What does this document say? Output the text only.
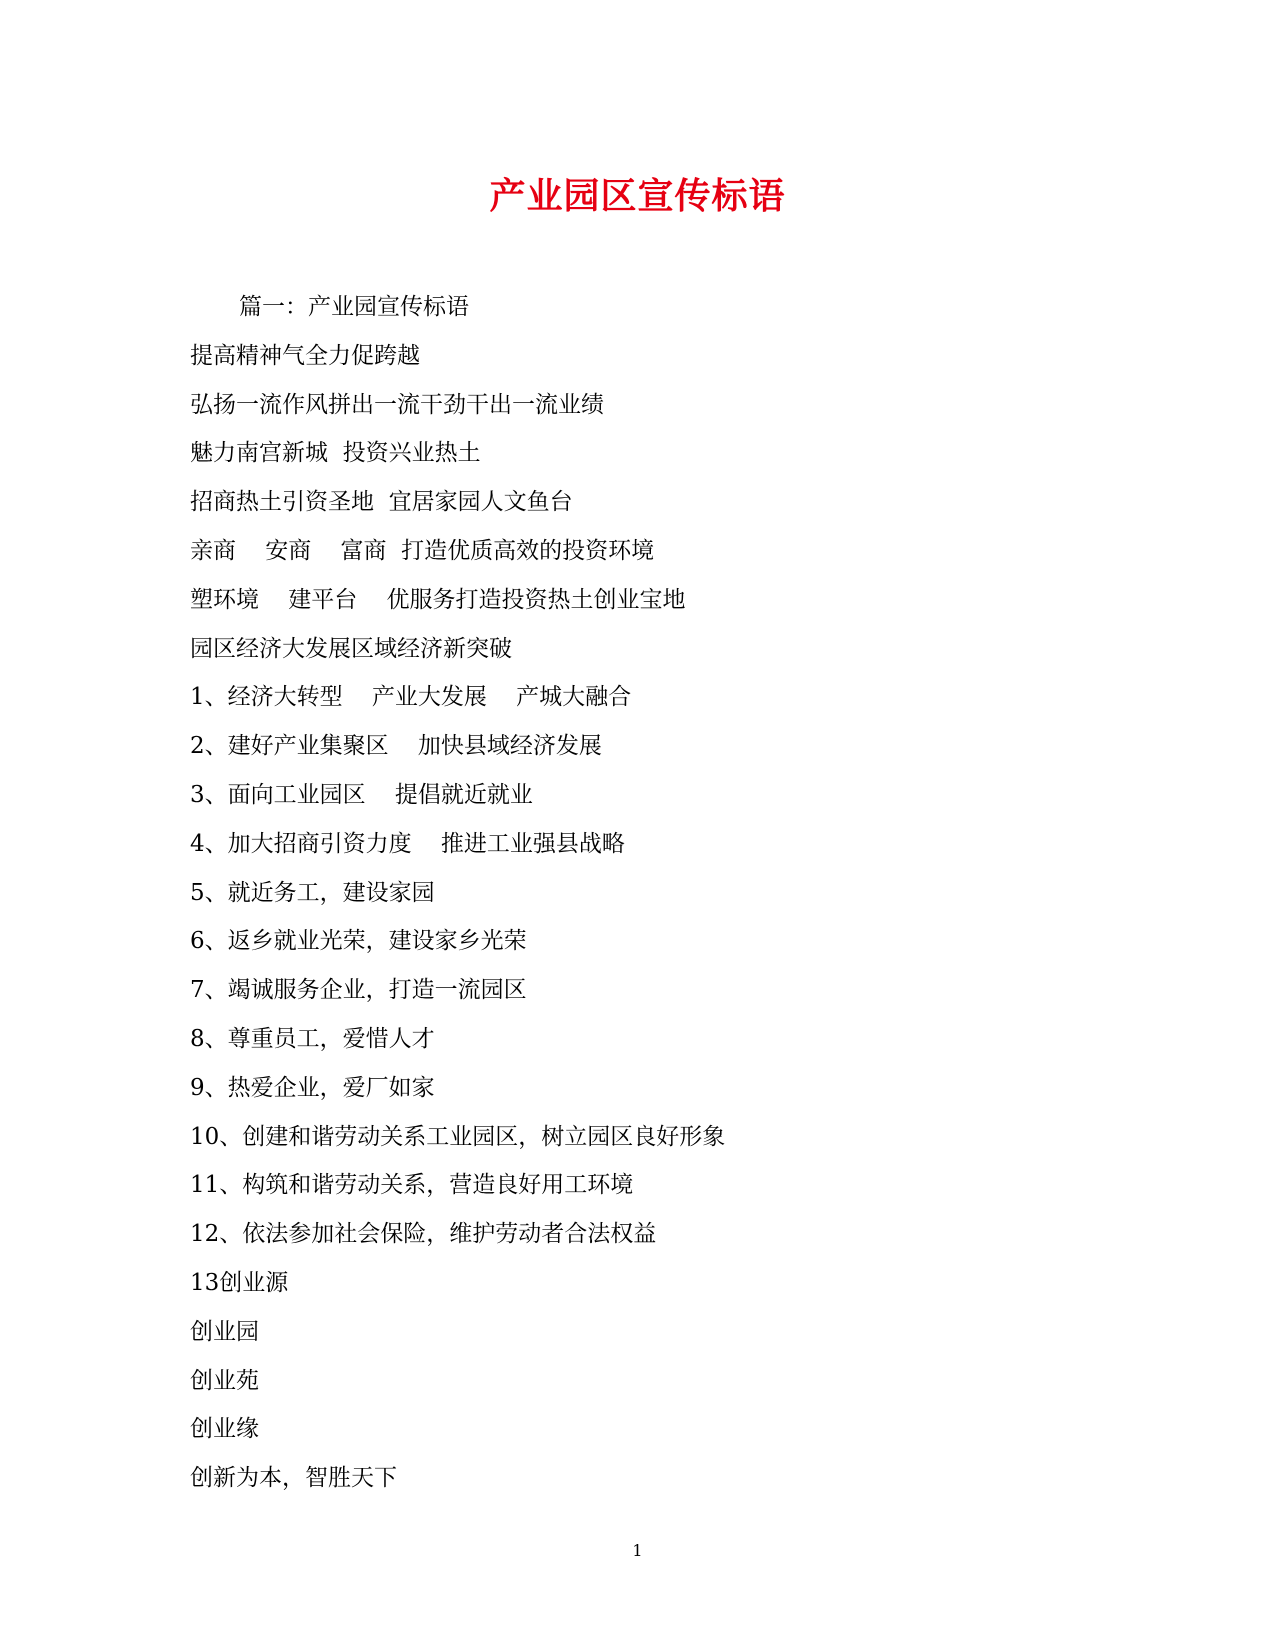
产业园区宣传标语
篇一：产业园宣传标语
提高精神气全力促跨越
弘扬一流作风拼出一流干劲干出一流业绩
魅力南宫新城  投资兴业热土
招商热土引资圣地  宜居家园人文鱼台
亲商    安商    富商  打造优质高效的投资环境
塑环境    建平台    优服务打造投资热土创业宝地
园区经济大发展区域经济新突破
1、经济大转型    产业大发展    产城大融合
2、建好产业集聚区    加快县域经济发展
3、面向工业园区    提倡就近就业
4、加大招商引资力度    推进工业强县战略
5、就近务工，建设家园
6、返乡就业光荣，建设家乡光荣
7、竭诚服务企业，打造一流园区
8、尊重员工，爱惜人才
9、热爱企业，爱厂如家
10、创建和谐劳动关系工业园区，树立园区良好形象
11、构筑和谐劳动关系，营造良好用工环境
12、依法参加社会保险，维护劳动者合法权益
13创业源
创业园
创业苑
创业缘
创新为本，智胜天下
1
